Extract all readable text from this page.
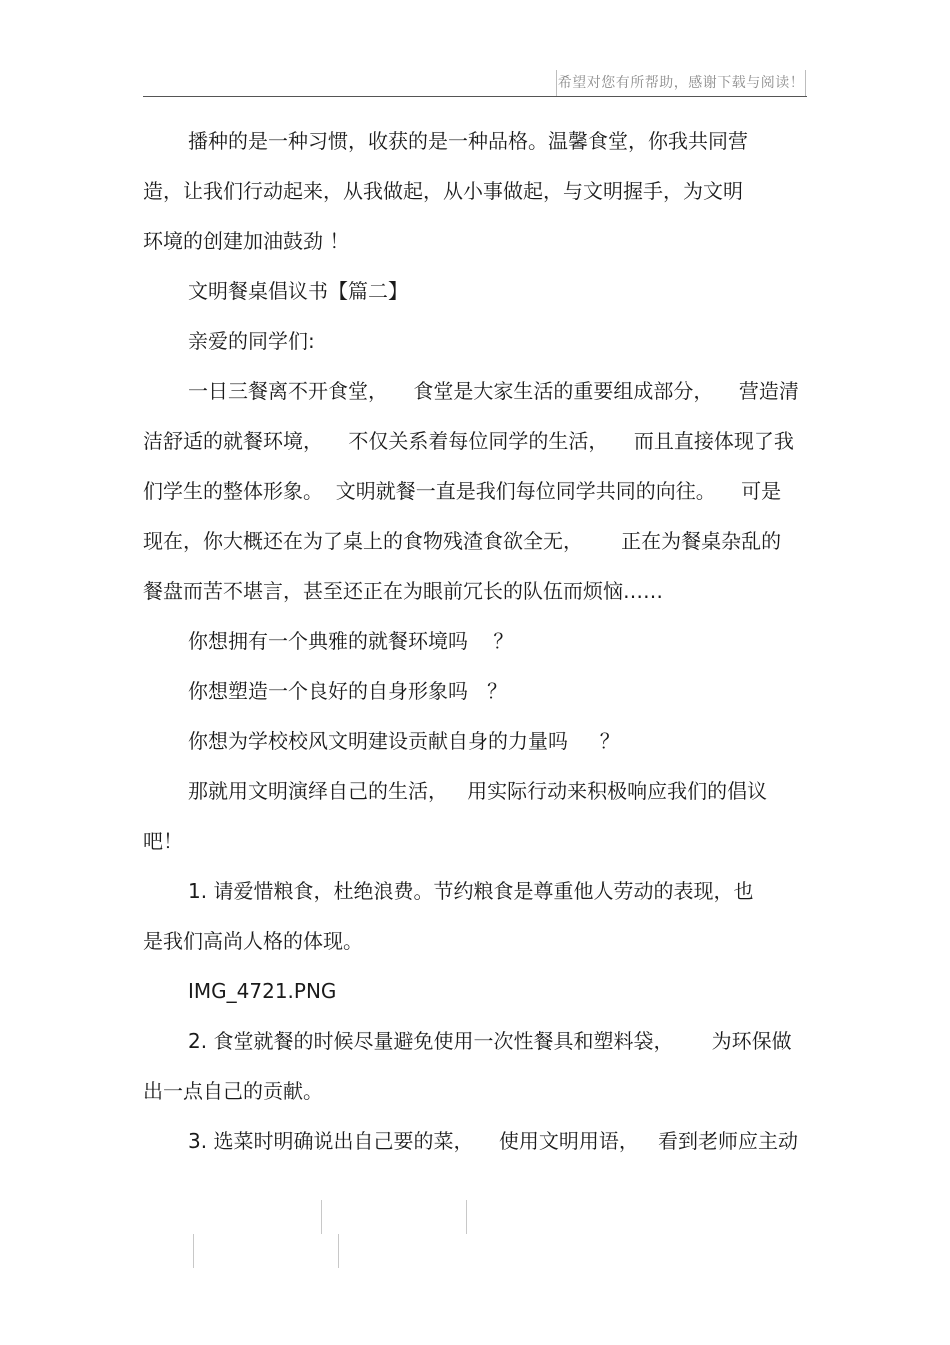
希望对您有所帮助，感谢下载与阅读！
播种的是一种习惯，收获的是一种品格。温馨食堂，你我共同营
造，让我们行动起来，从我做起，从小事做起，与文明握手，为文明
环境的创建加油鼓劲 ！
文明餐桌倡议书【篇二】
亲爱的同学们:
一日三餐离不开食堂，    食堂是大家生活的重要组成部分，    营造清
洁舒适的就餐环境，    不仅关系着每位同学的生活，    而且直接体现了我
们学生的整体形象。  文明就餐一直是我们每位同学共同的向往。    可是
现在，你大概还在为了桌上的食物残渣食欲全无，      正在为餐桌杂乱的
餐盘而苦不堪言，甚至还正在为眼前冗长的队伍而烦恼……
你想拥有一个典雅的就餐环境吗    ？
你想塑造一个良好的自身形象吗   ？
你想为学校校风文明建设贡献自身的力量吗     ？
那就用文明演绎自己的生活，   用实际行动来积极响应我们的倡议
吧！
1. 请爱惜粮食，杜绝浪费。节约粮食是尊重他人劳动的表现，也
是我们高尚人格的体现。
IMG_4721.PNG
2. 食堂就餐的时候尽量避免使用一次性餐具和塑料袋，      为环保做
出一点自己的贡献。
3. 选菜时明确说出自己要的菜，    使用文明用语，   看到老师应主动
